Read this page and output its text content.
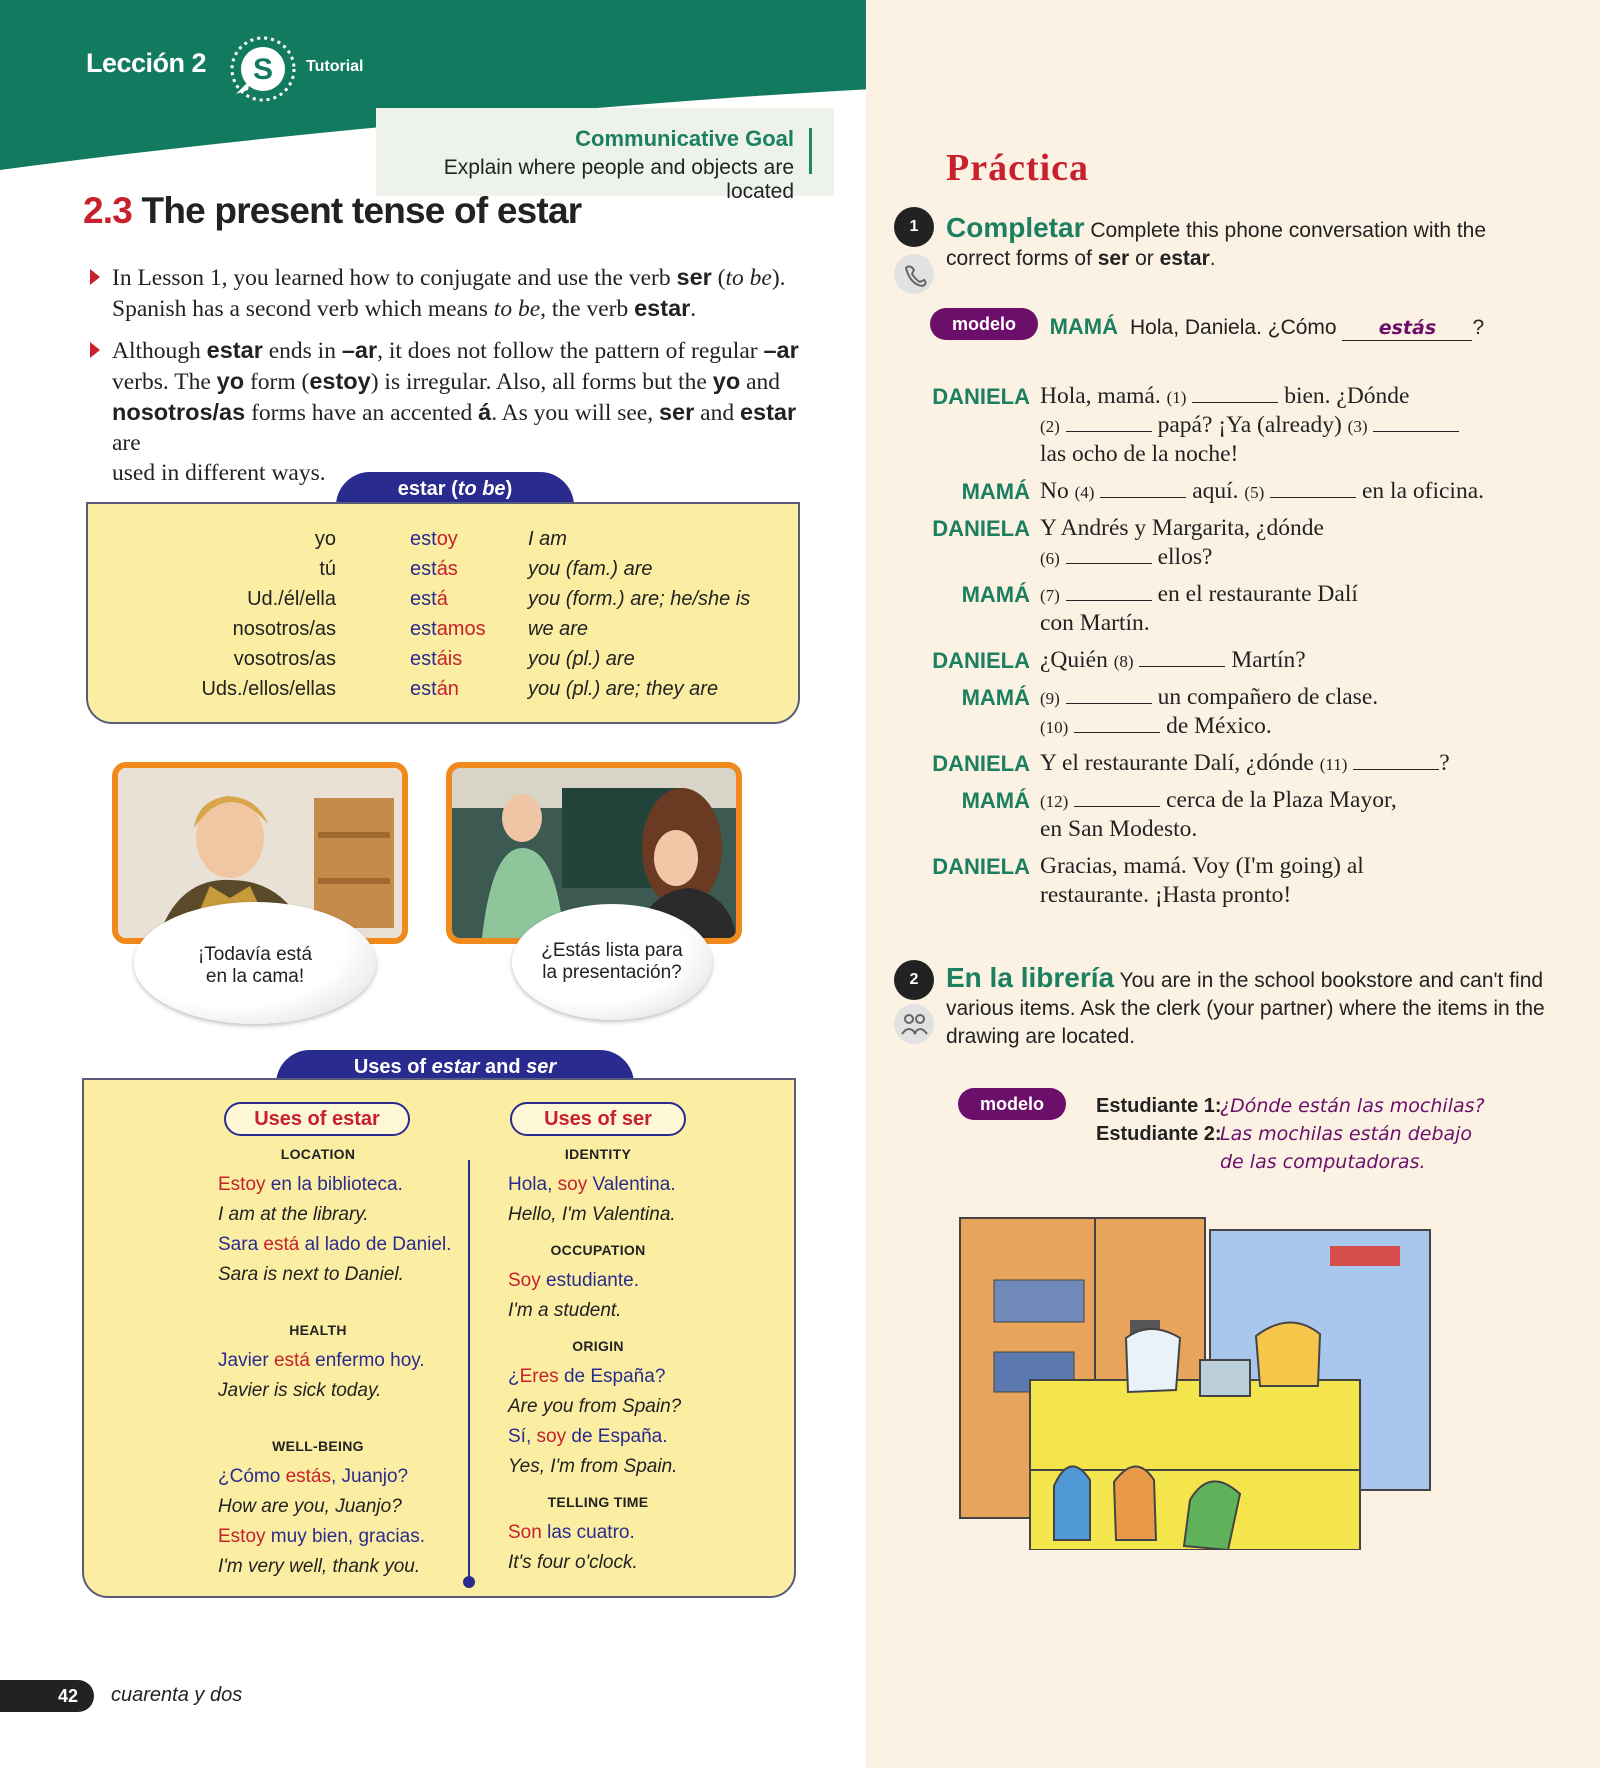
Lección 2 S Tutorial
Communicative Goal
Explain where people and objects are located
2.3 The present tense of estar
In Lesson 1, you learned how to conjugate and use the verb ser (to be).
Spanish has a second verb which means to be, the verb estar.
Although estar ends in –ar, it does not follow the pattern of regular –ar
verbs. The yo form (estoy) is irregular. Also, all forms but the yo and
nosotros/as forms have an accented á. As you will see, ser and estar are
used in different ways.
estar (to be)
yo	estoy	I am
tú	estás	you (fam.) are
Ud./él/ella	está	you (form.) are; he/she is
nosotros/as	estamos we are
vosotros/as	estáis	you (pl.) are
Uds./ellos/ellas	están	you (pl.) are; they are
¡Todavía está
en la cama!
¿Estás lista para
la presentación?
Uses of estar and ser
Uses of estar	Uses of ser
LOCATION
Estoy en la biblioteca.
I am at the library.
Sara está al lado de Daniel.
Sara is next to Daniel.
HEALTH
Javier está enfermo hoy.
Javier is sick today.
WELL-BEING
¿Cómo estás, Juanjo?
How are you, Juanjo?
Estoy muy bien, gracias.
I'm very well, thank you.
IDENTITY
Hola, soy Valentina.
Hello, I'm Valentina.
OCCUPATION
Soy estudiante.
I'm a student.
ORIGIN
¿Eres de España?
Are you from Spain?
Sí, soy de España.
Yes, I'm from Spain.
TELLING TIME
Son las cuatro.
It's four o'clock.
42	cuarenta y dos
Práctica
1 Completar Complete this phone conversation with the
correct forms of ser or estar.
modelo	MAMÁ Hola, Daniela. ¿Cómo estás ?
DANIELA Hola, mamá. (1)	bien. ¿Dónde
(2)	papá? ¡Ya (already) (3)
las ocho de la noche!
MAMÁ No (4)	aquí. (5)	en la oficina.
DANIELA Y Andrés y Margarita, ¿dónde
(6)	ellos?
MAMÁ (7)	en el restaurante Dalí
con Martín.
DANIELA ¿Quién (8)	Martín?
MAMÁ (9)	un compañero de clase.
(10)	de México.
DANIELA Y el restaurante Dalí, ¿dónde (11)	?
MAMÁ (12)	cerca de la Plaza Mayor,
en San Modesto.
DANIELA Gracias, mamá. Voy (I'm going) al
restaurante. ¡Hasta pronto!
2 En la librería You are in the school bookstore and can't find
various items. Ask the clerk (your partner) where the items in the
drawing are located.
modelo	Estudiante 1:
Estudiante 2:
¿Dónde están las mochilas?
Las mochilas están debajo
de las computadoras.
